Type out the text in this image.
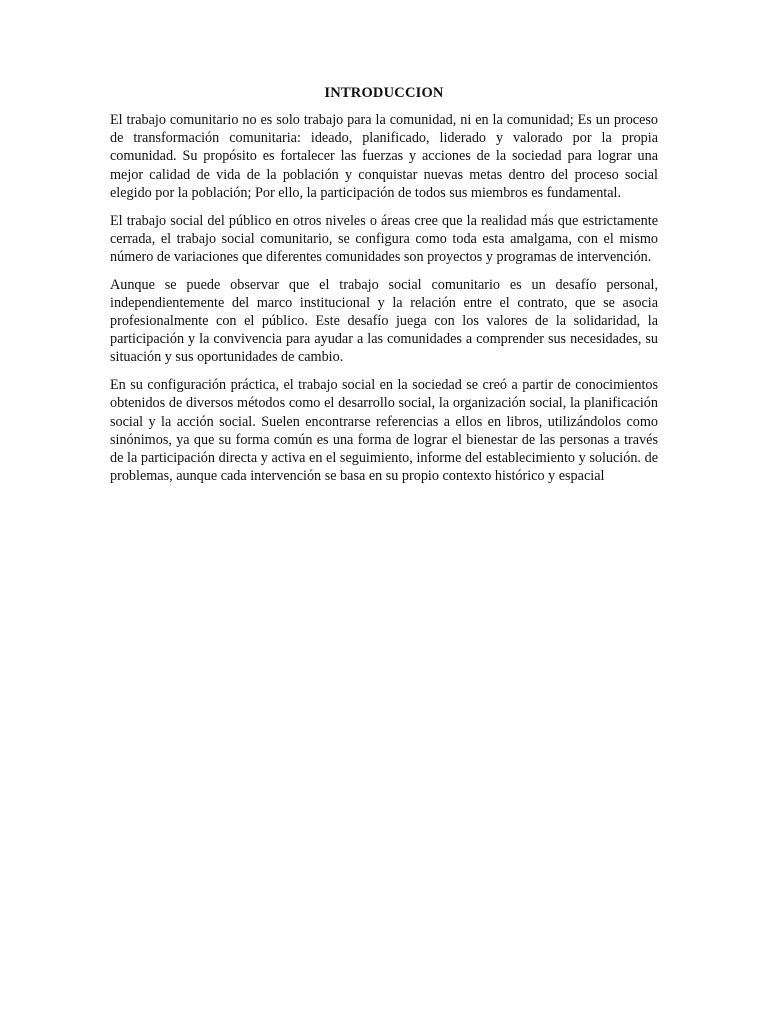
INTRODUCCION

El trabajo comunitario no es solo trabajo para la comunidad, ni en la comunidad; Es un proceso de transformación comunitaria: ideado, planificado, liderado y valorado por la propia comunidad. Su propósito es fortalecer las fuerzas y acciones de la sociedad para lograr una mejor calidad de vida de la población y conquistar nuevas metas dentro del proceso social elegido por la población; Por ello, la participación de todos sus miembros es fundamental.

El trabajo social del público en otros niveles o áreas cree que la realidad más que estrictamente cerrada, el trabajo social comunitario, se configura como toda esta amalgama, con el mismo número de variaciones que diferentes comunidades son proyectos y programas de intervención.

Aunque se puede observar que el trabajo social comunitario es un desafío personal, independientemente del marco institucional y la relación entre el contrato, que se asocia profesionalmente con el público. Este desafío juega con los valores de la solidaridad, la participación y la convivencia para ayudar a las comunidades a comprender sus necesidades, su situación y sus oportunidades de cambio.

En su configuración práctica, el trabajo social en la sociedad se creó a partir de conocimientos obtenidos de diversos métodos como el desarrollo social, la organización social, la planificación social y la acción social. Suelen encontrarse referencias a ellos en libros, utilizándolos como sinónimos, ya que su forma común es una forma de lograr el bienestar de las personas a través de la participación directa y activa en el seguimiento, informe del establecimiento y solución. de problemas, aunque cada intervención se basa en su propio contexto histórico y espacial
